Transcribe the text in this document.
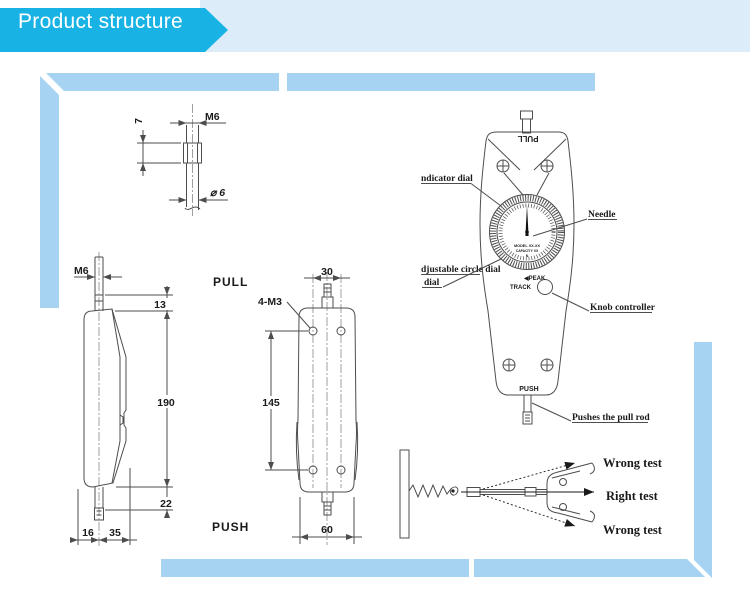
Product structure
M6
7
⌀ 6
M6
13
190
22
16 35
PULL
PUSH
30
4-M3
145
60
PULL
MODEL XX-XX
CAPACITY XX
N
◀PEAK
TRACK
PUSH
ndicator dial
Needle
djustable circle dial
dial
Knob controller
Pushes the pull rod
Wrong test
Right test
Wrong test
